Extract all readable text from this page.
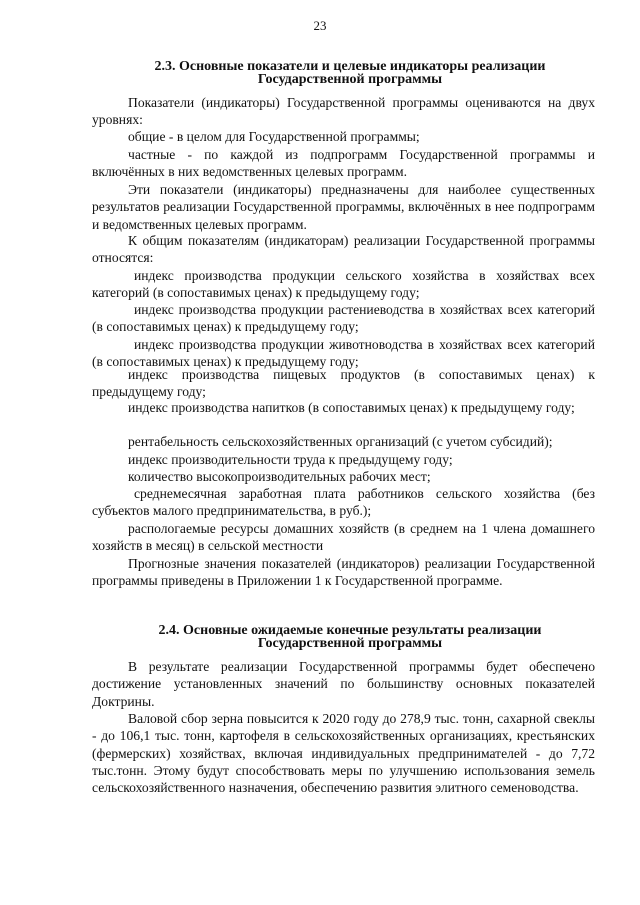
23
2.3. Основные показатели и целевые индикаторы реализации
Государственной программы

Показатели (индикаторы) Государственной программы оцениваются на двух уровнях:

общие - в целом для Государственной программы;

частные - по каждой из подпрограмм Государственной программы и включённых в них ведомственных целевых программ.

Эти показатели (индикаторы) предназначены для наиболее существенных результатов реализации Государственной программы, включённых в нее подпрограмм и ведомственных целевых программ.

К общим показателям (индикаторам) реализации Государственной программы относятся:

индекс производства продукции сельского хозяйства в хозяйствах всех категорий (в сопоставимых ценах) к предыдущему году;

индекс производства продукции растениеводства в хозяйствах всех категорий (в сопоставимых ценах) к предыдущему году;

индекс производства продукции животноводства в хозяйствах всех категорий (в сопоставимых ценах) к предыдущему году;

индекс производства пищевых продуктов (в сопоставимых ценах) к предыдущему году;

индекс производства напитков (в сопоставимых ценах) к предыдущему году;

рентабельность сельскохозяйственных организаций (с учетом субсидий);

индекс производительности труда к предыдущему году;

количество высокопроизводительных рабочих мест;

среднемесячная заработная плата работников сельского хозяйства (без субъектов малого предпринимательства, в руб.);

распологаемые ресурсы домашних хозяйств (в среднем на 1 члена домашнего хозяйств в месяц) в сельской местности

Прогнозные значения показателей (индикаторов) реализации Государственной программы приведены в Приложении 1 к Государственной программе.

2.4. Основные ожидаемые конечные результаты реализации
Государственной программы

В результате реализации Государственной программы будет обеспечено достижение установленных значений по большинству основных показателей Доктрины.

Валовой сбор зерна повысится к 2020 году до 278,9 тыс. тонн, сахарной свеклы - до 106,1 тыс. тонн, картофеля в сельскохозяйственных организациях, крестьянских (фермерских) хозяйствах, включая индивидуальных предпринимателей - до 7,72 тыс.тонн. Этому будут способствовать меры по улучшению использования земель сельскохозяйственного назначения, обеспечению развития элитного семеноводства.
